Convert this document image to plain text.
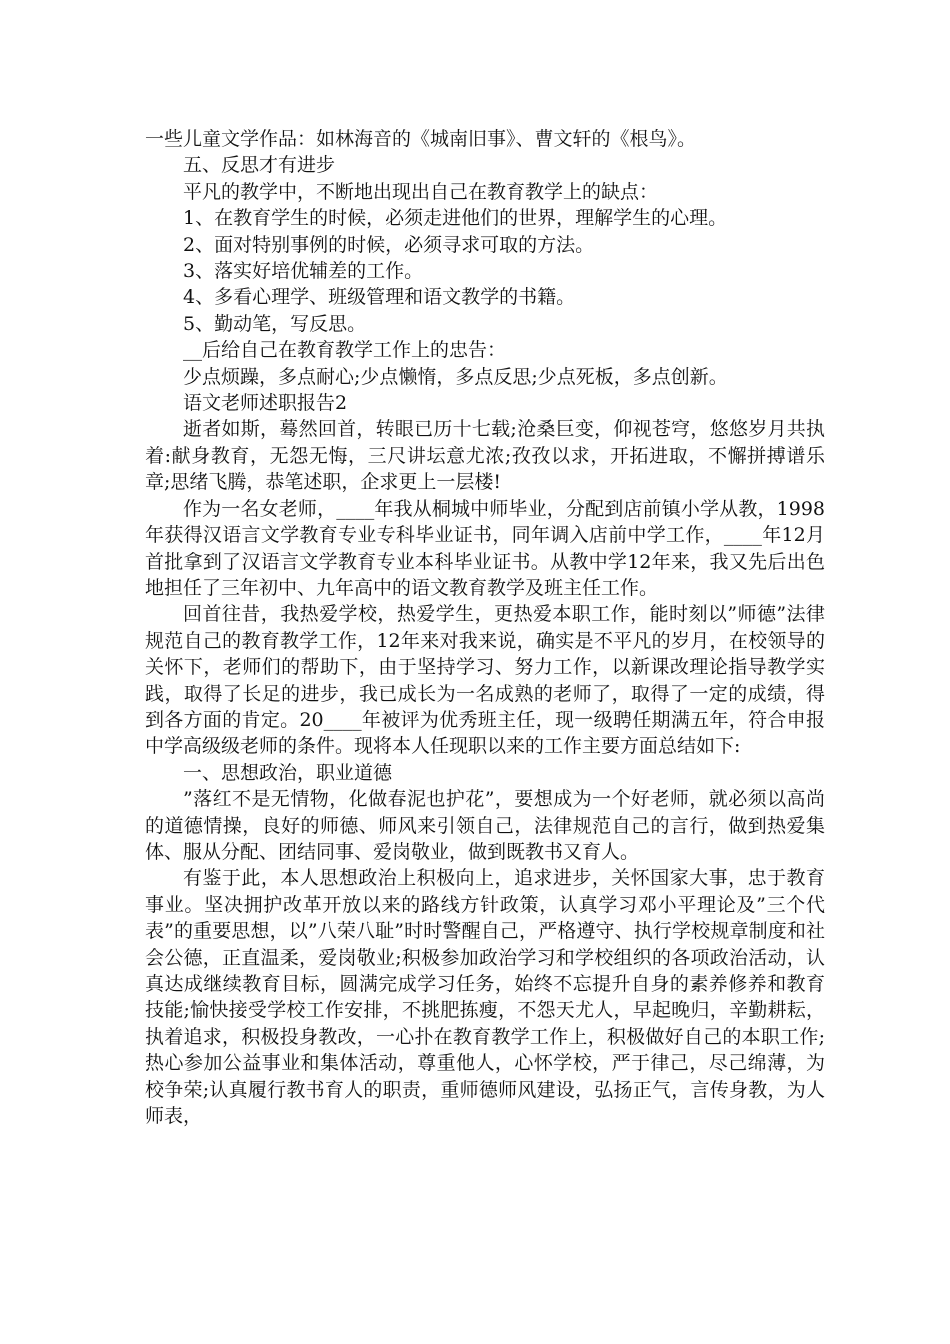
一些儿童文学作品：如林海音的《城南旧事》、曹文轩的《根鸟》。

五、反思才有进步

平凡的教学中，不断地出现出自己在教育教学上的缺点：

1、在教育学生的时候，必须走进他们的世界，理解学生的心理。

2、面对特别事例的时候，必须寻求可取的方法。

3、落实好培优辅差的工作。

4、多看心理学、班级管理和语文教学的书籍。

5、勤动笔，写反思。

__后给自己在教育教学工作上的忠告：

少点烦躁，多点耐心;少点懒惰，多点反思;少点死板，多点创新。

语文老师述职报告2

逝者如斯，蓦然回首，转眼已历十七载;沧桑巨变，仰视苍穹，悠悠岁月共执着:献身教育，无怨无悔，三尺讲坛意尤浓;孜孜以求，开拓进取，不懈拼搏谱乐章;思绪飞腾，恭笔述职，企求更上一层楼!

作为一名女老师，____年我从桐城中师毕业，分配到店前镇小学从教，1998年获得汉语言文学教育专业专科毕业证书，同年调入店前中学工作，____年12月首批拿到了汉语言文学教育专业本科毕业证书。从教中学12年来，我又先后出色地担任了三年初中、九年高中的语文教育教学及班主任工作。

回首往昔，我热爱学校，热爱学生，更热爱本职工作，能时刻以”师德”法律规范自己的教育教学工作，12年来对我来说，确实是不平凡的岁月，在校领导的关怀下，老师们的帮助下，由于坚持学习、努力工作，以新课改理论指导教学实践，取得了长足的进步，我已成长为一名成熟的老师了，取得了一定的成绩，得到各方面的肯定。20____年被评为优秀班主任，现一级聘任期满五年，符合申报中学高级级老师的条件。现将本人任现职以来的工作主要方面总结如下:

一、思想政治，职业道德

”落红不是无情物，化做春泥也护花”，要想成为一个好老师，就必须以高尚的道德情操，良好的师德、师风来引领自己，法律规范自己的言行，做到热爱集体、服从分配、团结同事、爱岗敬业，做到既教书又育人。

有鉴于此，本人思想政治上积极向上，追求进步，关怀国家大事，忠于教育事业。坚决拥护改革开放以来的路线方针政策，认真学习邓小平理论及”三个代表”的重要思想，以”八荣八耻”时时警醒自己，严格遵守、执行学校规章制度和社会公德，正直温柔，爱岗敬业;积极参加政治学习和学校组织的各项政治活动，认真达成继续教育目标，圆满完成学习任务，始终不忘提升自身的素养修养和教育技能;愉快接受学校工作安排，不挑肥拣瘦，不怨天尤人，早起晚归，辛勤耕耘，执着追求，积极投身教改，一心扑在教育教学工作上，积极做好自己的本职工作;热心参加公益事业和集体活动，尊重他人，心怀学校，严于律己，尽己绵薄，为校争荣;认真履行教书育人的职责，重师德师风建设，弘扬正气，言传身教，为人师表，
